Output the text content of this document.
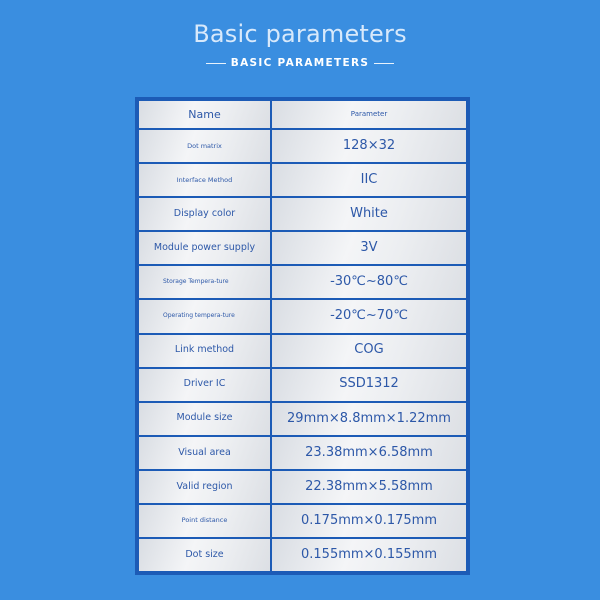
Basic parameters
BASIC PARAMETERS
Name	Parameter
Dot matrix	128×32
Interface Method	IIC
Display color	White
Module power supply	3V
Storage Tempera-ture	-30℃~80℃
Operating tempera-ture	-20℃~70℃
Link method	COG
Driver IC	SSD1312
Module size	29mm×8.8mm×1.22mm
Visual area	23.38mm×6.58mm
Valid region	22.38mm×5.58mm
Point distance	0.175mm×0.175mm
Dot size	0.155mm×0.155mm
